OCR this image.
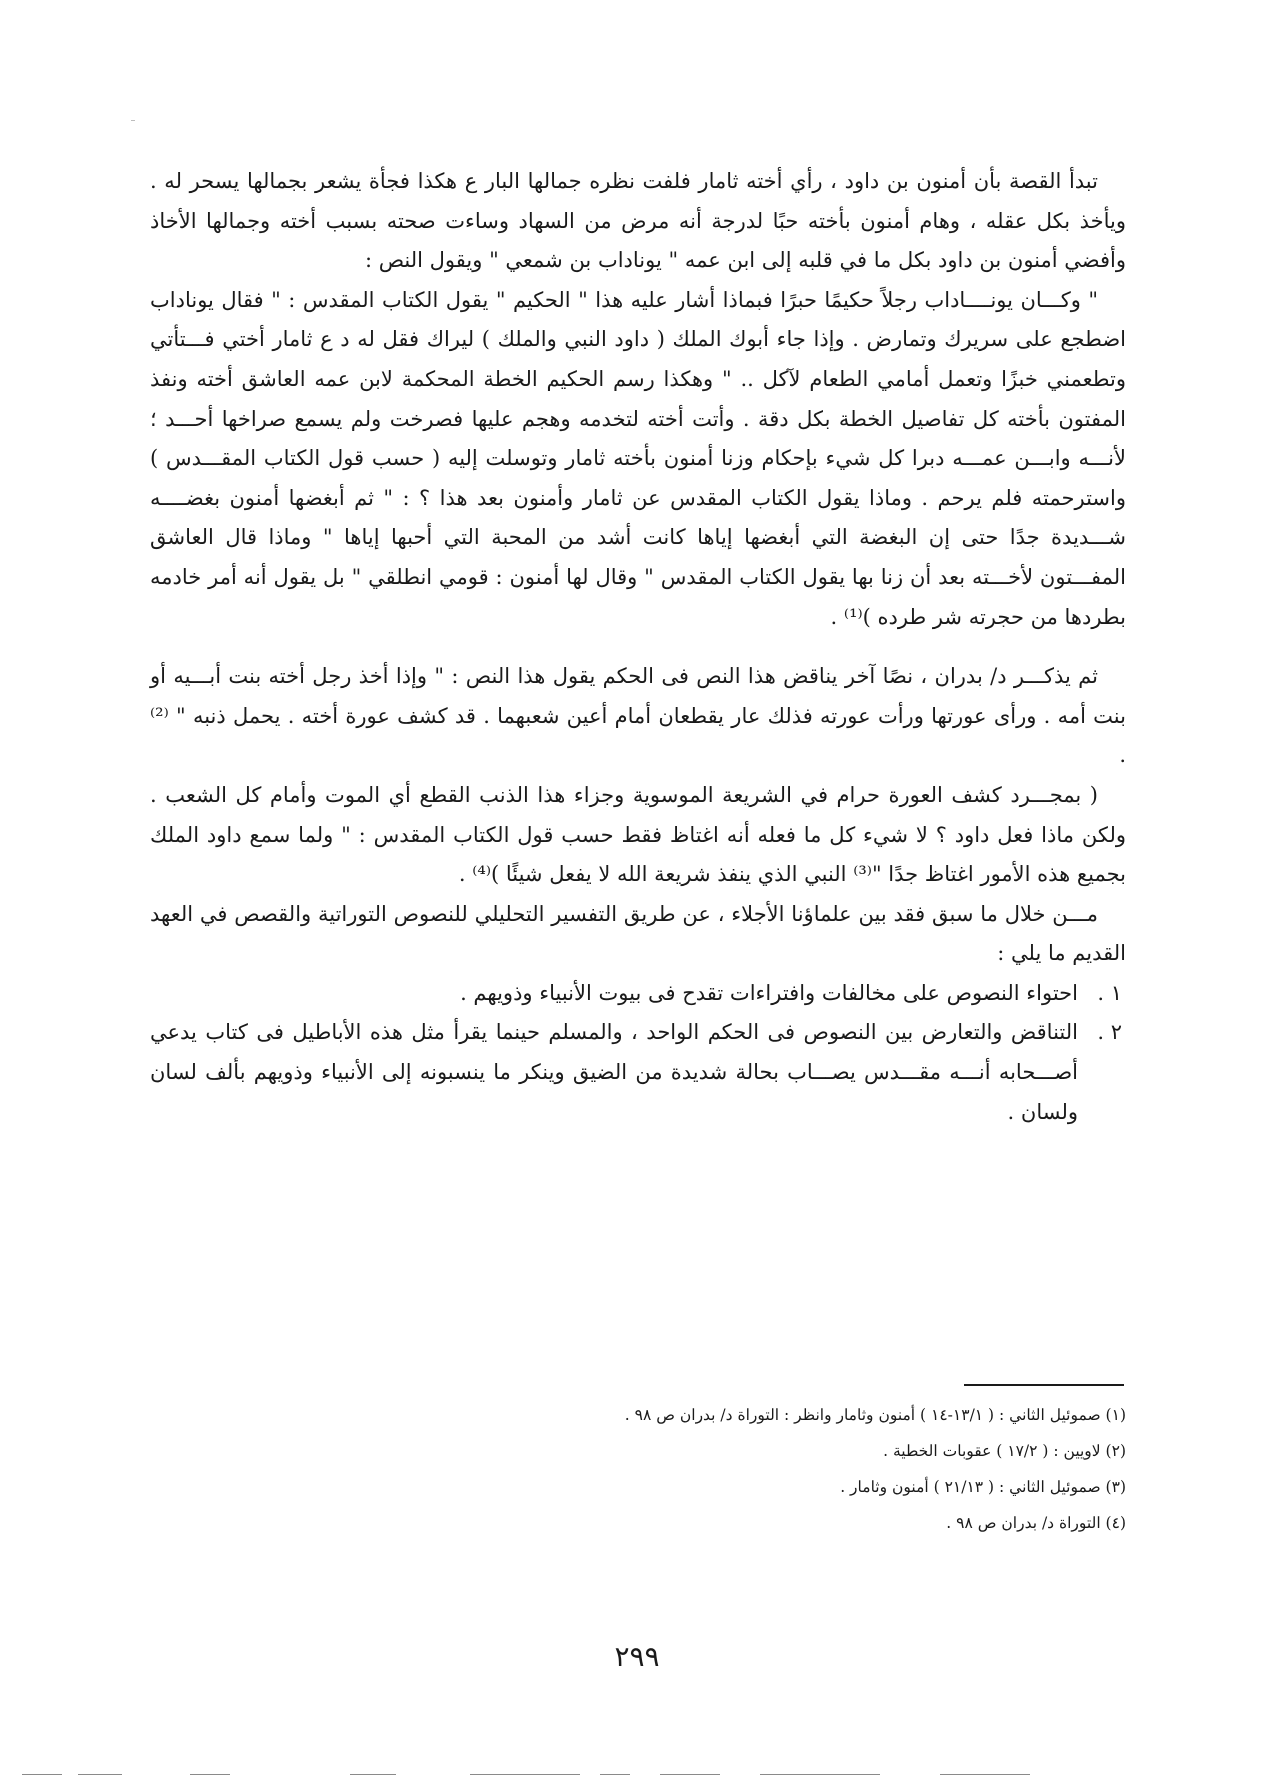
تبدأ القصة بأن أمنون بن داود ، رأي أخته ثامار فلفت نظره جمالها البار ع هكذا فجأة يشعر بجمالها يسحر له . ويأخذ بكل عقله ، وهام أمنون بأخته حبًا لدرجة أنه مرض من السهاد وساءت صحته بسبب أخته وجمالها الأخاذ وأفضي أمنون بن داود بكل ما في قلبه إلى ابن عمه " يوناداب بن شمعي " ويقول النص :

" وكـــان يونــــاداب رجلاً حكيمًا حبرًا فبماذا أشار عليه هذا " الحكيم " يقول الكتاب المقدس : " فقال يوناداب اضطجع على سريرك وتمارض . وإذا جاء أبوك الملك ( داود النبي والملك ) ليراك فقل له د ع ثامار أختي فـــتأتي وتطعمني خبزًا وتعمل أمامي الطعام لآكل .. " وهكذا رسم الحكيم الخطة المحكمة لابن عمه العاشق أخته ونفذ المفتون بأخته كل تفاصيل الخطة بكل دقة . وأتت أخته لتخدمه وهجم عليها فصرخت ولم يسمع صراخها أحـــد ؛ لأنـــه وابـــن عمـــه دبرا كل شيء بإحكام وزنا أمنون بأخته ثامار وتوسلت إليه ( حسب قول الكتاب المقـــدس ) واسترحمته فلم يرحم . وماذا يقول الكتاب المقدس عن ثامار وأمنون بعد هذا ؟ : " ثم أبغضها أمنون بغضــــه شـــديدة جدًا حتى إن البغضة التي أبغضها إياها كانت أشد من المحبة التي أحبها إياها " وماذا قال العاشق المفـــتون لأخـــته بعد أن زنا بها يقول الكتاب المقدس " وقال لها أمنون : قومي انطلقي " بل يقول أنه أمر خادمه بطردها من حجرته شر طرده )⁽¹⁾ .

ثم يذكـــر د/ بدران ، نصًا آخر يناقض هذا النص فى الحكم يقول هذا النص : " وإذا أخذ رجل أخته بنت أبـــيه أو بنت أمه . ورأى عورتها ورأت عورته فذلك عار يقطعان أمام أعين شعبهما . قد كشف عورة أخته . يحمل ذنبه " ⁽²⁾ .

( بمجـــرد كشف العورة حرام في الشريعة الموسوية وجزاء هذا الذنب القطع أي الموت وأمام كل الشعب . ولكن ماذا فعل داود ؟ لا شيء كل ما فعله أنه اغتاظ فقط حسب قول الكتاب المقدس : " ولما سمع داود الملك بجميع هذه الأمور اغتاظ جدًا "⁽³⁾ النبي الذي ينفذ شريعة الله لا يفعل شيئًا )⁽⁴⁾ .

مـــن خلال ما سبق فقد بين علماؤنا الأجلاء ، عن طريق التفسير التحليلي للنصوص التوراتية والقصص في العهد القديم ما يلي :

١ .
احتواء النصوص على مخالفات وافتراءات تقدح فى بيوت الأنبياء وذويهم .
٢ .
التناقض والتعارض بين النصوص فى الحكم الواحد ، والمسلم حينما يقرأ مثل هذه الأباطيل فى كتاب يدعي أصـــحابه أنـــه مقـــدس يصـــاب بحالة شديدة من الضيق وينكر ما ينسبونه إلى الأنبياء وذويهم بألف لسان ولسان .

(١) صموئيل الثاني : ( ١٣/١-١٤ ) أمنون وثامار وانظر : التوراة د/ بدران ص ٩٨ .

(٢) لاويين : ( ١٧/٢ ) عقوبات الخطية .

(٣) صموئيل الثاني : ( ٢١/١٣ ) أمنون وثامار .

(٤) التوراة د/ بدران ص ٩٨ .

٢٩٩
